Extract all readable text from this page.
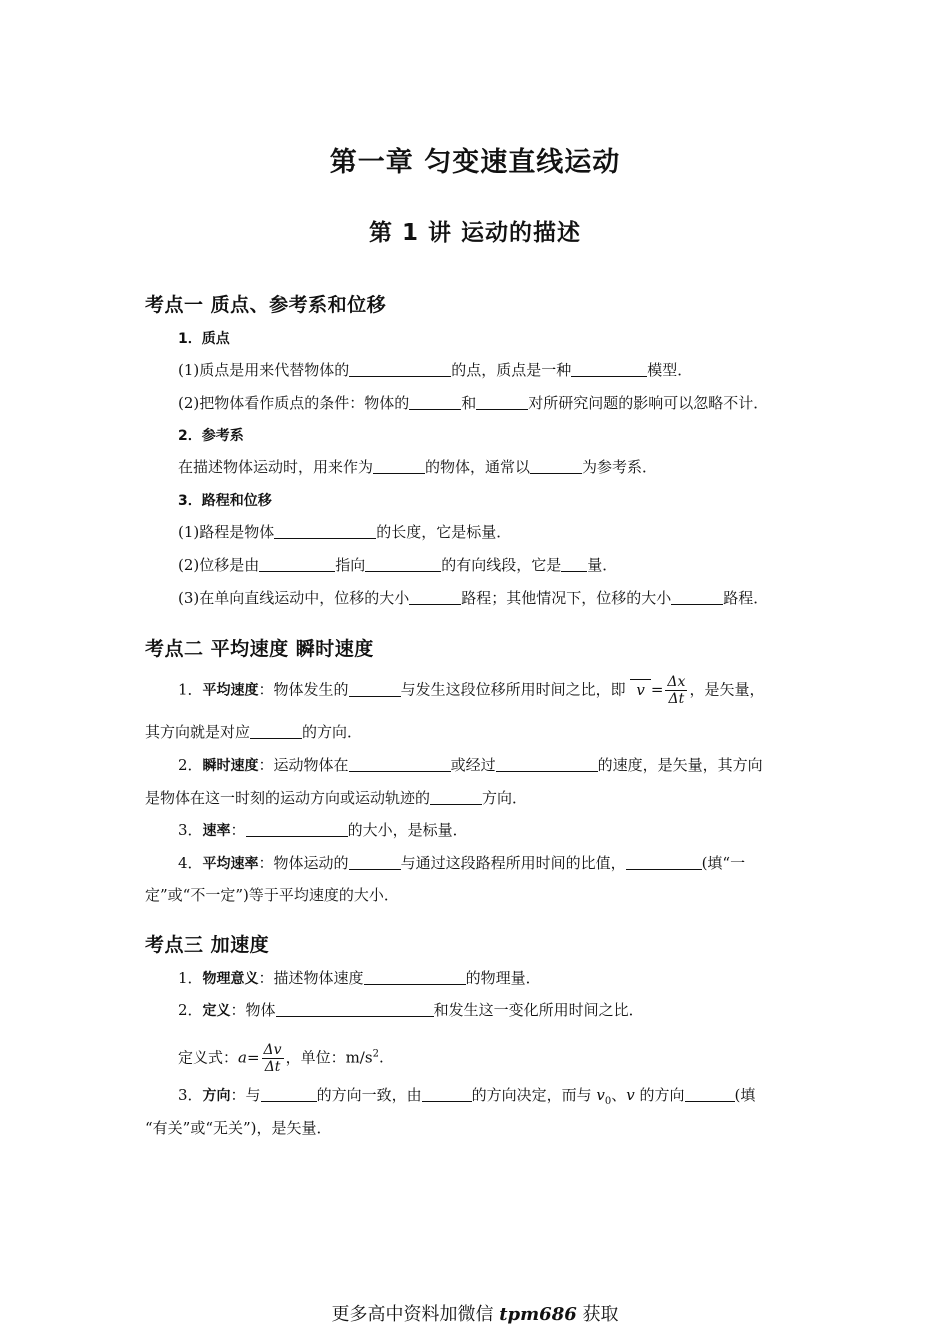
第一章 匀变速直线运动
第 1 讲 运动的描述
考点一 质点、参考系和位移
1．质点
(1)质点是用来代替物体的	的点，质点是一种	模型．
(2)把物体看作质点的条件：物体的	和	对所研究问题的影响可以忽略不计．
2．参考系
在描述物体运动时，用来作为	的物体，通常以	为参考系．
3．路程和位移
(1)路程是物体	的长度，它是标量．
(2)位移是由	指向	的有向线段，它是 量．
(3)在单向直线运动中，位移的大小	路程；其他情况下，位移的大小	路程．
考点二 平均速度 瞬时速度
1．平均速度：物体发生的	与发生这段位移所用时间之比，即 $v = \frac{\Delta x}{\Delta t}$ ，是矢量，
其方向就是对应	的方向．
2．瞬时速度：运动物体在	或经过	的速度，是矢量，其方向
是物体在这一时刻的运动方向或运动轨迹的	方向．
3．速率：	的大小，是标量．
4．平均速率：物体运动的	与通过这段路程所用时间的比值，	(填“一
定”或“不一定”)等于平均速度的大小．
考点三 加速度
1．物理意义：描述物体速度	的物理量．
2．定义：物体	和发生这一变化所用时间之比．
定义式：$a= \frac{\Delta v}{\Delta t}$ ，单位：$m/s^2$.
3．方向：与	的方向一致，由	的方向决定，而与 $v_0$、v 的方向	(填
“有关”或“无关”)，是矢量．
更多高中资料加微信 tpm686 获取
